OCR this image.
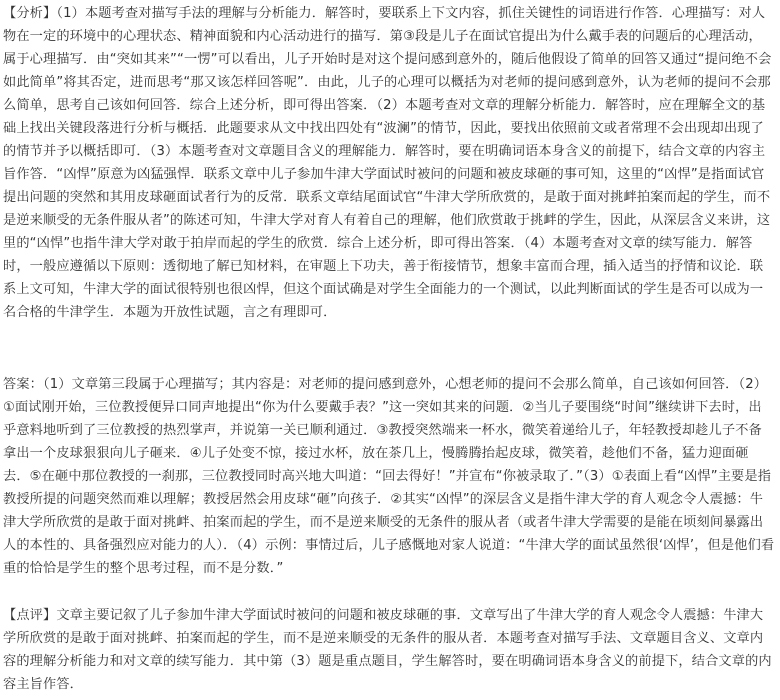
【分析】（1）本题考查对描写手法的理解与分析能力．解答时，要联系上下文内容，抓住关键性的词语进行作答．心理描写：对人物在一定的环境中的心理状态、精神面貌和内心活动进行的描写．第③段是儿子在面试官提出为什么戴手表的问题后的心理活动，属于心理描写．由“突如其来”“一愣”可以看出，儿子开始时是对这个提问感到意外的，随后他假设了简单的回答又通过“提问绝不会如此简单”将其否定，进而思考“那又该怎样回答呢”．由此，儿子的心理可以概括为对老师的提问感到意外，认为老师的提问不会那么简单，思考自己该如何回答．综合上述分析，即可得出答案．（2）本题考查对文章的理解分析能力．解答时，应在理解全文的基础上找出关键段落进行分析与概括．此题要求从文中找出四处有“波澜”的情节，因此，要找出依照前文或者常理不会出现却出现了的情节并予以概括即可．（3）本题考查对文章题目含义的理解能力．解答时，要在明确词语本身含义的前提下，结合文章的内容主旨作答．“凶悍”原意为凶猛强悍．联系文章中儿子参加牛津大学面试时被问的问题和被皮球砸的事可知，这里的“凶悍”是指面试官提出问题的突然和其用皮球砸面试者行为的反常．联系文章结尾面试官“牛津大学所欣赏的，是敢于面对挑衅拍案而起的学生，而不是逆来顺受的无条件服从者”的陈述可知，牛津大学对育人有着自己的理解，他们欣赏敢于挑衅的学生，因此，从深层含义来讲，这里的“凶悍”也指牛津大学对敢于拍岸而起的学生的欣赏．综合上述分析，即可得出答案．（4）本题考查对文章的续写能力．解答时，一般应遵循以下原则：透彻地了解已知材料，在审题上下功夫，善于衔接情节，想象丰富而合理，插入适当的抒情和议论．联系上文可知，牛津大学的面试很特别也很凶悍，但这个面试确是对学生全面能力的一个测试，以此判断面试的学生是否可以成为一名合格的牛津学生．本题为开放性试题，言之有理即可．

答案：（1）文章第三段属于心理描写；其内容是：对老师的提问感到意外，心想老师的提问不会那么简单，自己该如何回答．（2）①面试刚开始，三位教授便异口同声地提出“你为什么要戴手表？”这一突如其来的问题．②当儿子要围绕“时间”继续讲下去时，出乎意料地听到了三位教授的热烈掌声，并说第一关已顺利通过．③教授突然端来一杯水，微笑着递给儿子，年轻教授却趁儿子不备拿出一个皮球狠狠向儿子砸来．④儿子处变不惊，接过水杯，放在茶几上，慢腾腾抬起皮球，微笑着，趁他们不备，猛力迎面砸去．⑤在砸中那位教授的一刹那，三位教授同时高兴地大叫道：“回去得好！”并宣布“你被录取了．”（3）①表面上看“凶悍”主要是指教授所提的问题突然而难以理解；教授居然会用皮球“砸”向孩子．②其实“凶悍”的深层含义是指牛津大学的育人观念令人震撼：牛津大学所欣赏的是敢于面对挑衅、拍案而起的学生，而不是逆来顺受的无条件的服从者（或者牛津大学需要的是能在顷刻间暴露出人的本性的、具备强烈应对能力的人）．（4）示例：事情过后，儿子感慨地对家人说道：“牛津大学的面试虽然很‘凶悍’，但是他们看重的恰恰是学生的整个思考过程，而不是分数．”

【点评】文章主要记叙了儿子参加牛津大学面试时被问的问题和被皮球砸的事．文章写出了牛津大学的育人观念令人震撼：牛津大学所欣赏的是敢于面对挑衅、拍案而起的学生，而不是逆来顺受的无条件的服从者．本题考查对描写手法、文章题目含义、文章内容的理解分析能力和对文章的续写能力．其中第（3）题是重点题目，学生解答时，要在明确词语本身含义的前提下，结合文章的内容主旨作答．
